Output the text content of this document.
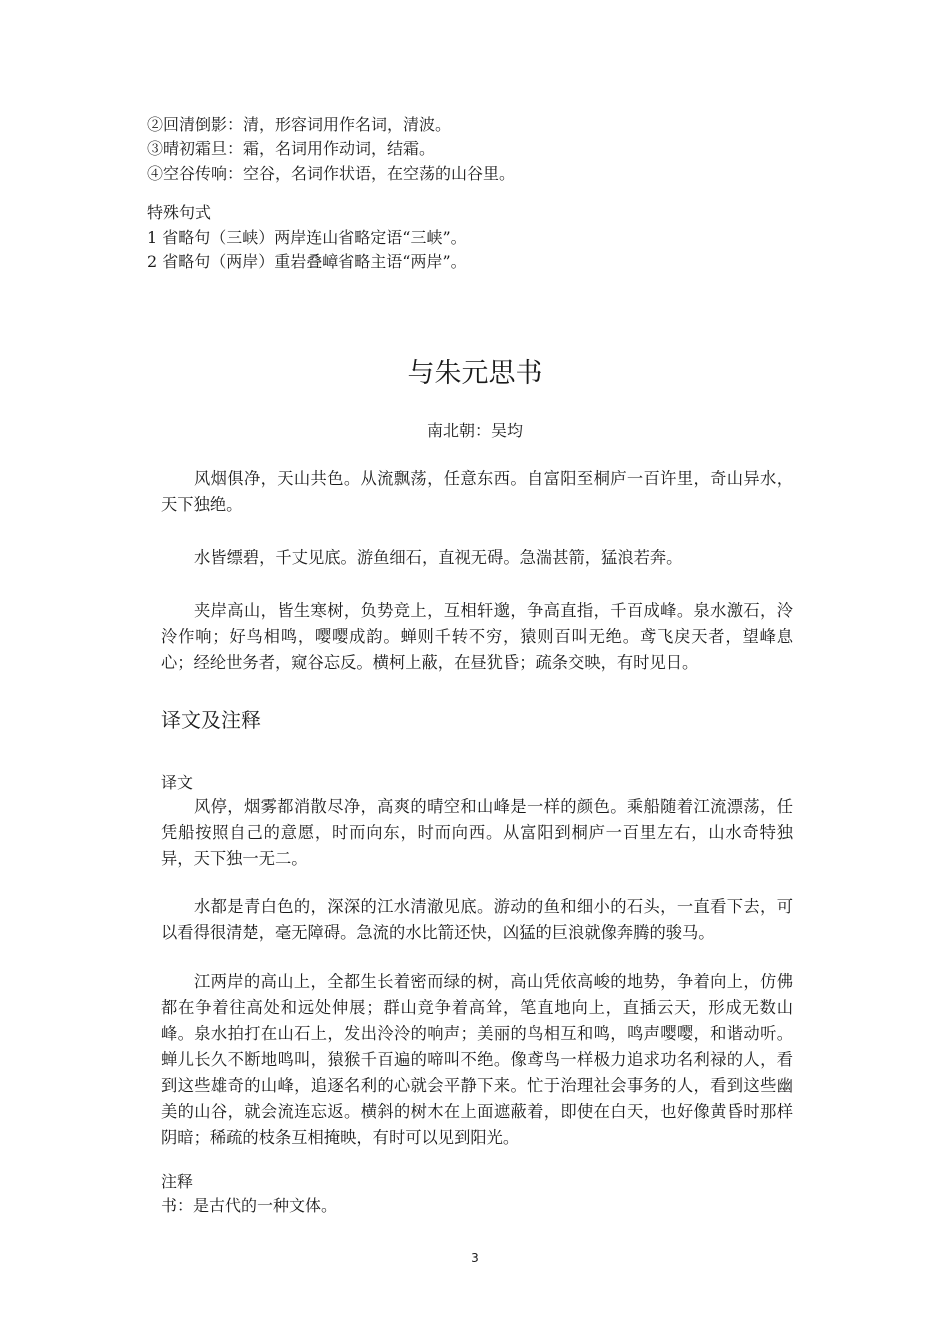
②回清倒影：清，形容词用作名词，清波。
③晴初霜旦：霜，名词用作动词，结霜。
④空谷传响：空谷，名词作状语，在空荡的山谷里。
特殊句式
1 省略句（三峡）两岸连山省略定语“三峡”。
2 省略句（两岸）重岩叠嶂省略主语“两岸”。
与朱元思书
南北朝：吴均

风烟俱净，天山共色。从流飘荡，任意东西。自富阳至桐庐一百许里，奇山异水，天下独绝。

水皆缥碧，千丈见底。游鱼细石，直视无碍。急湍甚箭，猛浪若奔。

夹岸高山，皆生寒树，负势竞上，互相轩邈，争高直指，千百成峰。泉水激石，泠泠作响；好鸟相鸣，嘤嘤成韵。蝉则千转不穷，猿则百叫无绝。鸢飞戾天者，望峰息心；经纶世务者，窥谷忘反。横柯上蔽，在昼犹昏；疏条交映，有时见日。

译文及注释
译文

风停，烟雾都消散尽净，高爽的晴空和山峰是一样的颜色。乘船随着江流漂荡，任凭船按照自己的意愿，时而向东，时而向西。从富阳到桐庐一百里左右，山水奇特独异，天下独一无二。

水都是青白色的，深深的江水清澈见底。游动的鱼和细小的石头，一直看下去，可以看得很清楚，毫无障碍。急流的水比箭还快，凶猛的巨浪就像奔腾的骏马。

江两岸的高山上，全都生长着密而绿的树，高山凭依高峻的地势，争着向上，仿佛都在争着往高处和远处伸展；群山竞争着高耸，笔直地向上，直插云天，形成无数山峰。泉水拍打在山石上，发出泠泠的响声；美丽的鸟相互和鸣，鸣声嘤嘤，和谐动听。蝉儿长久不断地鸣叫，猿猴千百遍的啼叫不绝。像鸢鸟一样极力追求功名利禄的人，看到这些雄奇的山峰，追逐名利的心就会平静下来。忙于治理社会事务的人，看到这些幽美的山谷，就会流连忘返。横斜的树木在上面遮蔽着，即使在白天，也好像黄昏时那样阴暗；稀疏的枝条互相掩映，有时可以见到阳光。

注释
书：是古代的一种文体。
3
